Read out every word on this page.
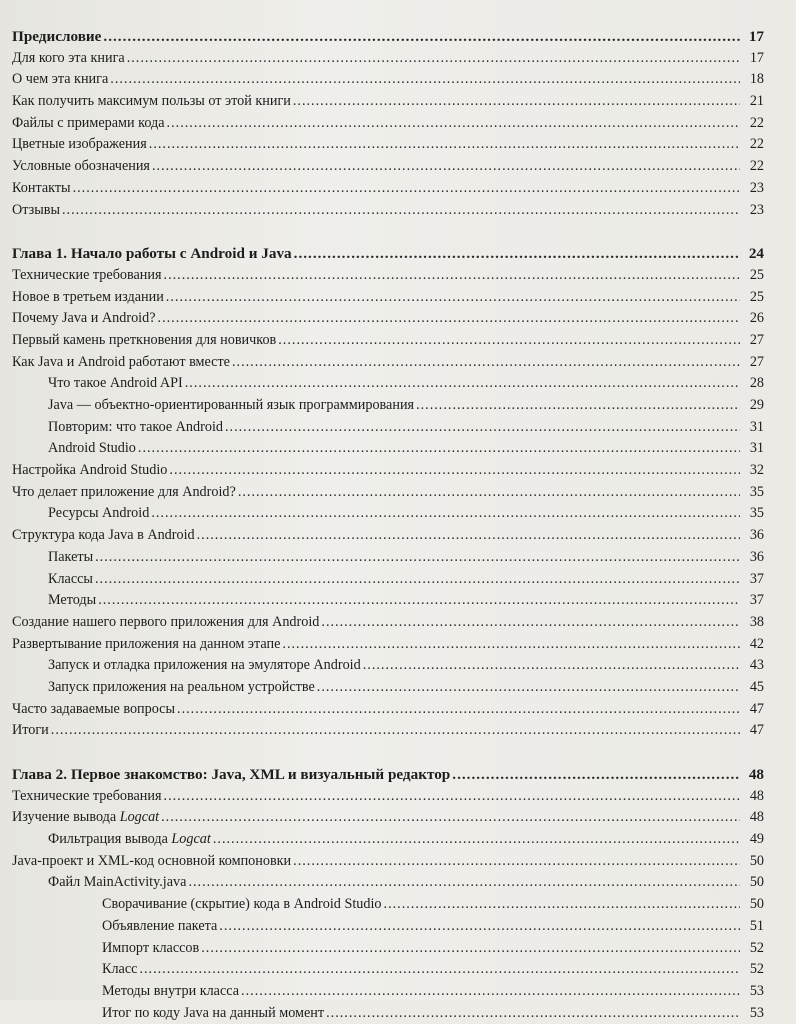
Предисловие .....	17
Для кого эта книга .....	17
О чем эта книга .....	18
Как получить максимум пользы от этой книги .....	21
Файлы с примерами кода .....	22
Цветные изображения .....	22
Условные обозначения .....	22
Контакты .....	23
Отзывы .....	23
Глава 1. Начало работы с Android и Java .....	24
Технические требования .....	25
Новое в третьем издании .....	25
Почему Java и Android? .....	26
Первый камень преткновения для новичков .....	27
Как Java и Android работают вместе .....	27
Что такое Android API .....	28
Java — объектно-ориентированный язык программирования .....	29
Повторим: что такое Android .....	31
Android Studio .....	31
Настройка Android Studio .....	32
Что делает приложение для Android? .....	35
Ресурсы Android .....	35
Структура кода Java в Android .....	36
Пакеты .....	36
Классы .....	37
Методы .....	37
Создание нашего первого приложения для Android .....	38
Развертывание приложения на данном этапе .....	42
Запуск и отладка приложения на эмуляторе Android .....	43
Запуск приложения на реальном устройстве .....	45
Часто задаваемые вопросы .....	47
Итоги .....	47
Глава 2. Первое знакомство: Java, XML и визуальный редактор .....	48
Технические требования .....	48
Изучение вывода Logcat .....	48
Фильтрация вывода Logcat .....	49
Java-проект и XML-код основной компоновки .....	50
Файл MainActivity.java .....	50
Сворачивание (скрытие) кода в Android Studio .....	50
Объявление пакета .....	51
Импорт классов .....	52
Класс .....	52
Методы внутри класса .....	53
Итог по коду Java на данный момент .....	53
